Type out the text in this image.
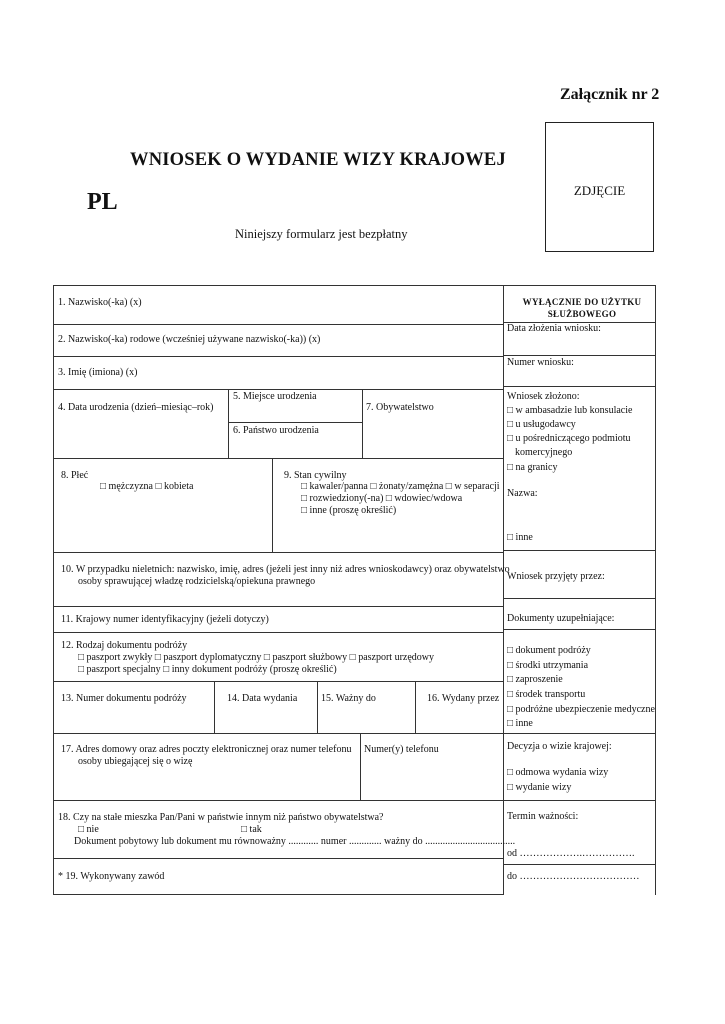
Załącznik nr 2
ZDJĘCIE
WNIOSEK O WYDANIE WIZY KRAJOWEJ
PL
Niniejszy formularz jest bezpłatny
1. Nazwisko(-ka) (x)
2. Nazwisko(-ka) rodowe (wcześniej używane nazwisko(-ka)) (x)
3. Imię (imiona) (x)
4. Data urodzenia (dzień–miesiąc–rok)
5. Miejsce urodzenia
6. Państwo urodzenia
7. Obywatelstwo
8. Płeć
□ mężczyzna □ kobieta
9. Stan cywilny
□ kawaler/panna □ żonaty/zamężna □ w separacji
□ rozwiedziony(-na) □ wdowiec/wdowa
□ inne (proszę określić)
10. W przypadku nieletnich: nazwisko, imię, adres (jeżeli jest inny niż adres wnioskodawcy) oraz obywatelstwo
osoby sprawującej władzę rodzicielską/opiekuna prawnego
11. Krajowy numer identyfikacyjny (jeżeli dotyczy)
12. Rodzaj dokumentu podróży
□ paszport zwykły □ paszport dyplomatyczny □ paszport służbowy □ paszport urzędowy
□ paszport specjalny □ inny dokument podróży (proszę określić)
13. Numer dokumentu podróży	14. Data wydania 15. Ważny do	16. Wydany przez
17. Adres domowy oraz adres poczty elektronicznej oraz numer telefonu
osoby ubiegającej się o wizę
Numer(y) telefonu
18. Czy na stałe mieszka Pan/Pani w państwie innym niż państwo obywatelstwa?
□ nie	□ tak
Dokument pobytowy lub dokument mu równoważny ............ numer ............. ważny do ....................................
* 19. Wykonywany zawód
WYŁĄCZNIE DO UŻYTKU
SŁUŻBOWEGO
Data złożenia wniosku:
Numer wniosku:
Wniosek złożono:
□ w ambasadzie lub konsulacie
□ u usługodawcy
□ u pośredniczącego podmiotu
komercyjnego
□ na granicy
Nazwa:
□ inne
Wniosek przyjęty przez:
Dokumenty uzupełniające:
□ dokument podróży
□ środki utrzymania
□ zaproszenie
□ środek transportu
□ podróżne ubezpieczenie medyczne
□ inne
Decyzja o wizie krajowej:
□ odmowa wydania wizy
□ wydanie wizy
Termin ważności:
od ……………….…………….
do ………………………………
